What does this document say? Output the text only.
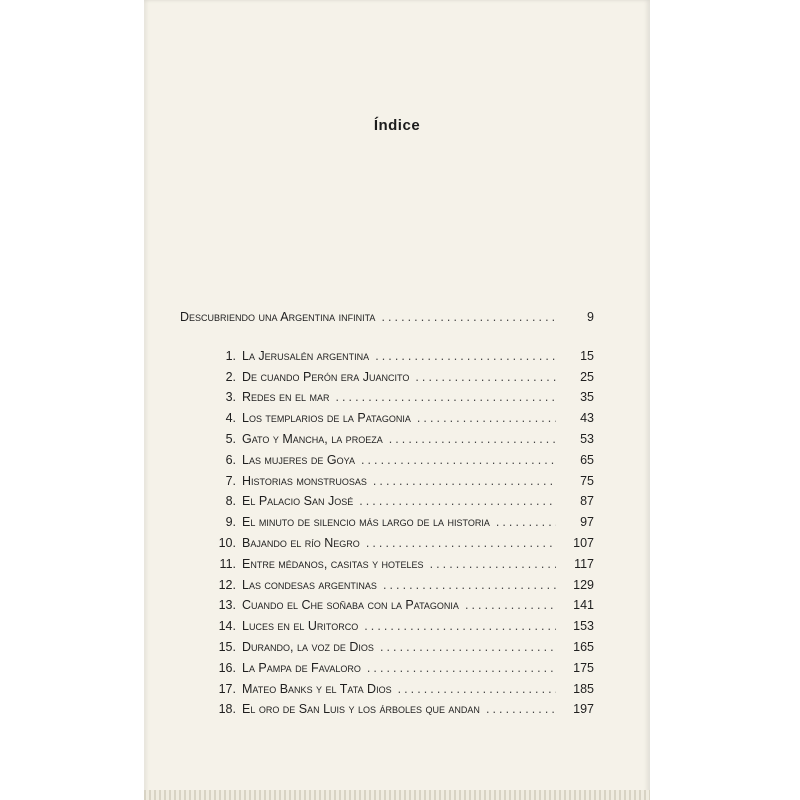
Índice
Descubriendo una Argentina infinita . . .	9
1. La Jerusalén argentina . . .	15
2. De cuando Perón era Juancito . . .	25
3. Redes en el mar . . .	35
4. Los templarios de la Patagonia . . .	43
5. Gato y Mancha, la proeza . . .	53
6. Las mujeres de Goya . . .	65
7. Historias monstruosas . . .	75
8. El Palacio San José . . .	87
9. El minuto de silencio más largo de la historia . . .	97
10. Bajando el río Negro . . .	107
11. Entre médanos, casitas y hoteles . . .	117
12. Las condesas argentinas . . .	129
13. Cuando el Che soñaba con la Patagonia . . .	141
14. Luces en el Uritorco . . .	153
15. Durando, la voz de Dios . . .	165
16. La Pampa de Favaloro . . .	175
17. Mateo Banks y el Tata Dios . . .	185
18. El oro de San Luis y los árboles que andan . . .	197
